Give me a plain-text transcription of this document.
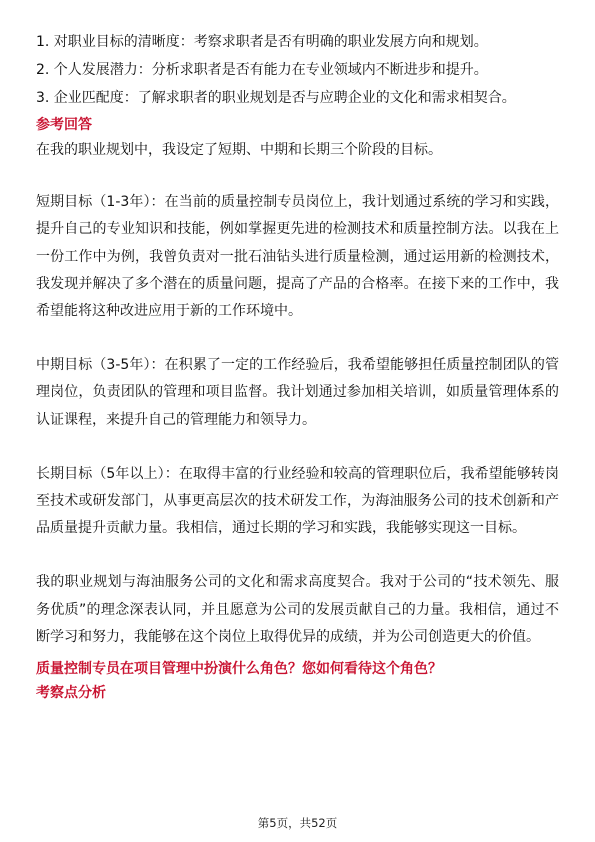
1. 对职业目标的清晰度：考察求职者是否有明确的职业发展方向和规划。

2. 个人发展潜力：分析求职者是否有能力在专业领域内不断进步和提升。

3. 企业匹配度：了解求职者的职业规划是否与应聘企业的文化和需求相契合。

参考回答

在我的职业规划中，我设定了短期、中期和长期三个阶段的目标。

短期目标（1-3年）：在当前的质量控制专员岗位上，我计划通过系统的学习和实践，提升自己的专业知识和技能，例如掌握更先进的检测技术和质量控制方法。以我在上一份工作中为例，我曾负责对一批石油钻头进行质量检测，通过运用新的检测技术，我发现并解决了多个潜在的质量问题，提高了产品的合格率。在接下来的工作中，我希望能将这种改进应用于新的工作环境中。

中期目标（3-5年）：在积累了一定的工作经验后，我希望能够担任质量控制团队的管理岗位，负责团队的管理和项目监督。我计划通过参加相关培训，如质量管理体系的认证课程，来提升自己的管理能力和领导力。

长期目标（5年以上）：在取得丰富的行业经验和较高的管理职位后，我希望能够转岗至技术或研发部门，从事更高层次的技术研发工作，为海油服务公司的技术创新和产品质量提升贡献力量。我相信，通过长期的学习和实践，我能够实现这一目标。

我的职业规划与海油服务公司的文化和需求高度契合。我对于公司的“技术领先、服务优质”的理念深表认同，并且愿意为公司的发展贡献自己的力量。我相信，通过不断学习和努力，我能够在这个岗位上取得优异的成绩，并为公司创造更大的价值。

质量控制专员在项目管理中扮演什么角色？您如何看待这个角色？

考察点分析

第5页，共52页
